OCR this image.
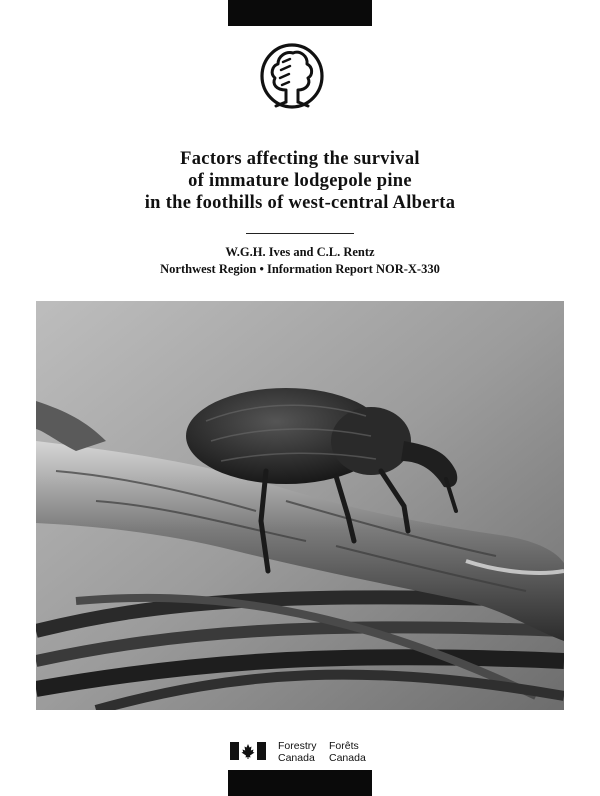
Factors affecting the survival
of immature lodgepole pine
in the foothills of west-central Alberta
W.G.H. Ives and C.L. Rentz
Northwest Region • Information Report NOR-X-330
Forestry
Canada
Forêts
Canada
